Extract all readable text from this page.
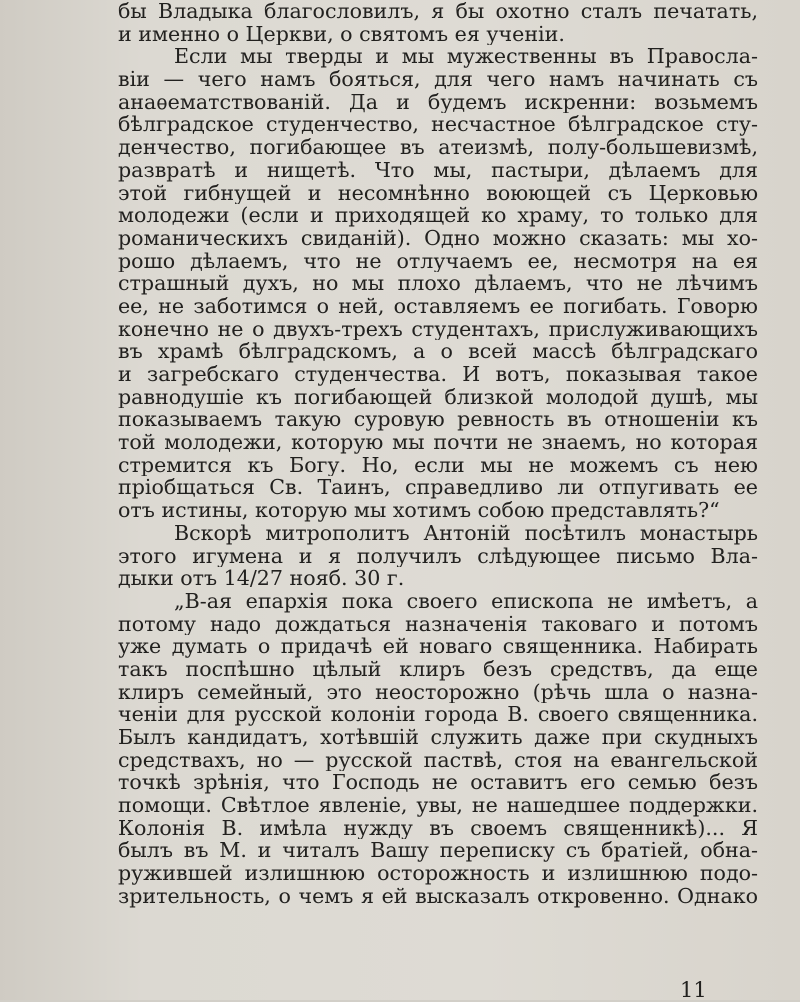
бы Владыка благословилъ, я бы охотно сталъ печатать,
и именно о Церкви, о святомъ ея ученіи.
Если мы тверды и мы мужественны въ Правосла-
віи — чего намъ бояться, для чего намъ начинать съ
анаѳематствованій. Да и будемъ искренни: возьмемъ
бѣлградское студенчество, несчастное бѣлградское сту-
денчество, погибающее въ атеизмѣ, полу-большевизмѣ,
развратѣ и нищетѣ. Что мы, пастыри, дѣлаемъ для
этой гибнущей и несомнѣнно воюющей съ Церковью
молодежи (если и приходящей ко храму, то только для
романическихъ свиданій). Одно можно сказать: мы хо-
рошо дѣлаемъ, что не отлучаемъ ее, несмотря на ея
страшный духъ, но мы плохо дѣлаемъ, что не лѣчимъ
ее, не заботимся о ней, оставляемъ ее погибать. Говорю
конечно не о двухъ-трехъ студентахъ, прислуживающихъ
въ храмѣ бѣлградскомъ, а о всей массѣ бѣлградскаго
и загребскаго студенчества. И вотъ, показывая такое
равнодушіе къ погибающей близкой молодой душѣ, мы
показываемъ такую суровую ревность въ отношеніи къ
той молодежи, которую мы почти не знаемъ, но которая
стремится къ Богу. Но, если мы не можемъ съ нею
пріобщаться Св. Таинъ, справедливо ли отпугивать ее
отъ истины, которую мы хотимъ собою представлять?“
Вскорѣ митрополитъ Антоній посѣтилъ монастырь
этого игумена и я получилъ слѣдующее письмо Вла-
дыки отъ 14/27 нояб. 30 г.
„В-ая епархія пока своего епископа не имѣетъ, а
потому надо дождаться назначенія таковаго и потомъ
уже думать о придачѣ ей новаго священника. Набирать
такъ поспѣшно цѣлый клиръ безъ средствъ, да еще
клиръ семейный, это неосторожно (рѣчь шла о назна-
ченіи для русской колоніи города В. своего священника.
Былъ кандидатъ, хотѣвшій служить даже при скудныхъ
средствахъ, но — русской паствѣ, стоя на евангельской
точкѣ зрѣнія, что Господь не оставитъ его семью безъ
помощи. Свѣтлое явленіе, увы, не нашедшее поддержки.
Колонія В. имѣла нужду въ своемъ священникѣ)... Я
былъ въ М. и читалъ Вашу переписку съ братіей, обна-
ружившей излишнюю осторожность и излишнюю подо-
зрительность, о чемъ я ей высказалъ откровенно. Однако
11
